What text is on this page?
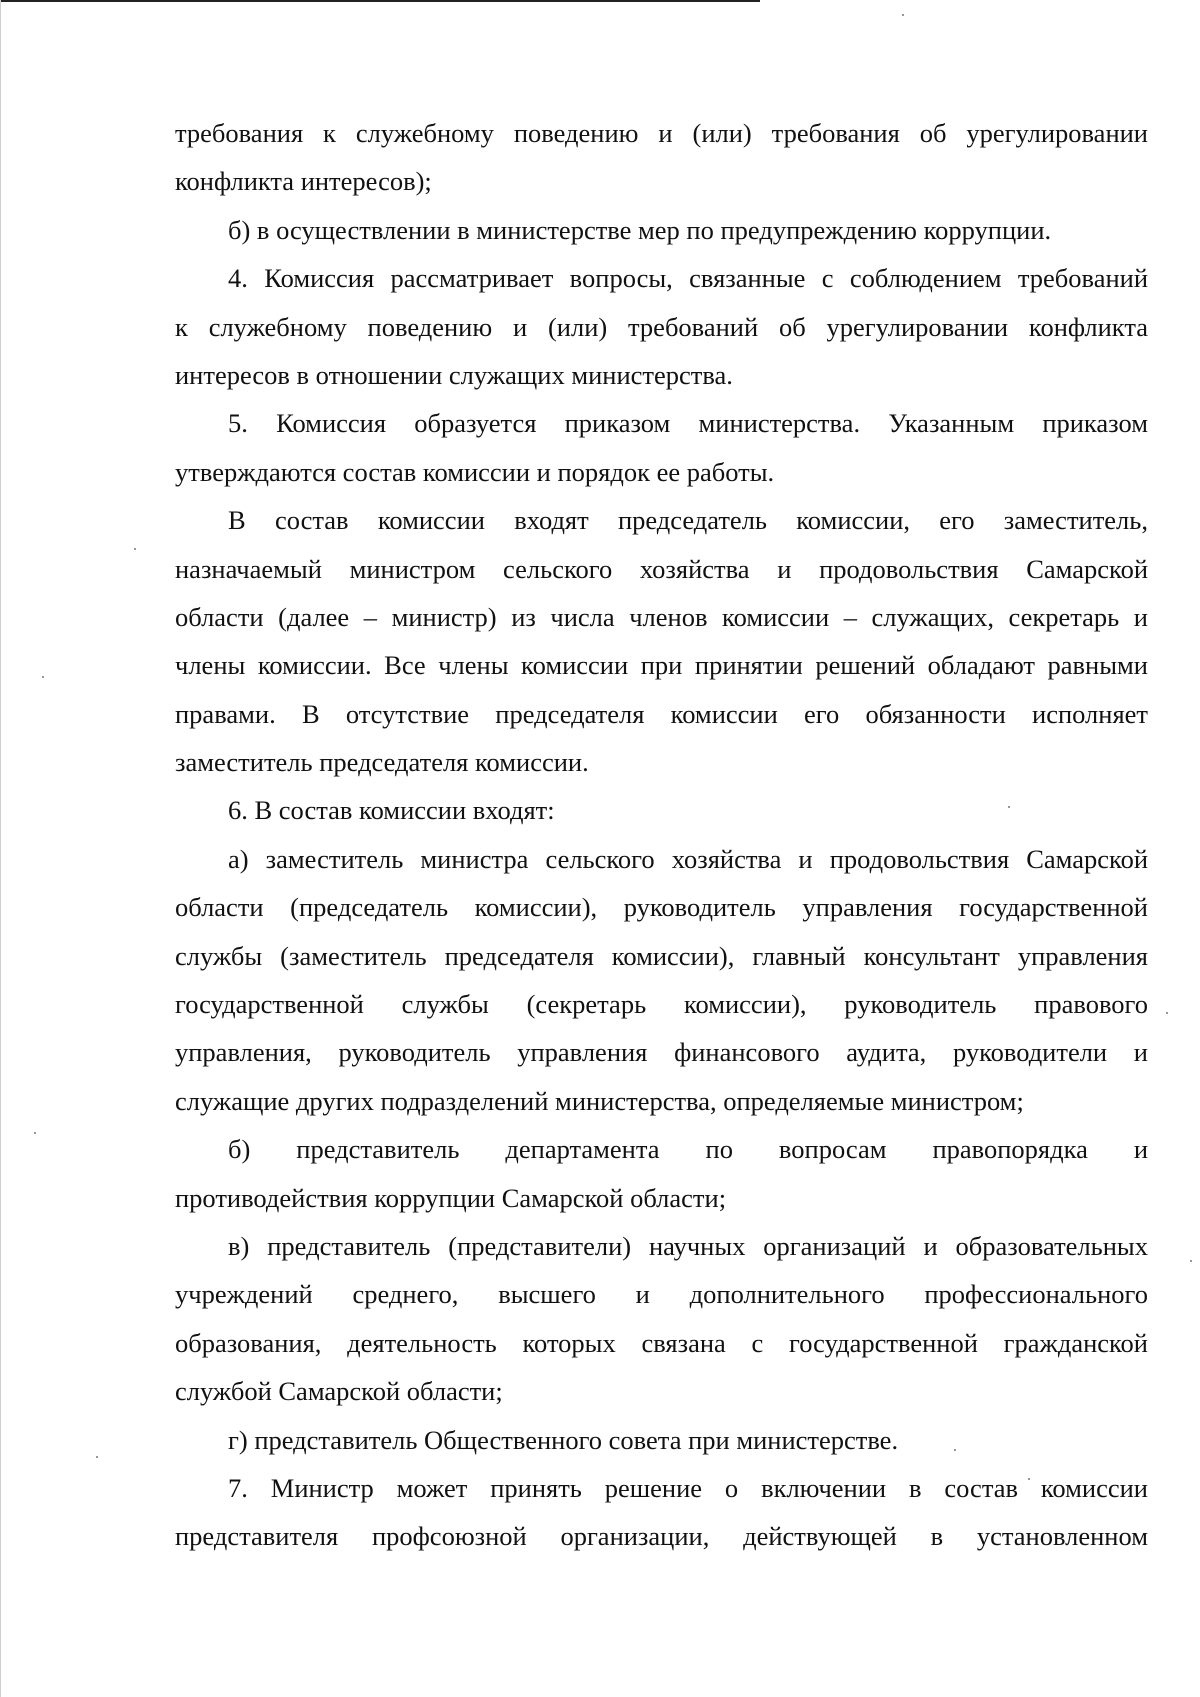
требования к служебному поведению и (или) требования об урегулировании
конфликта интересов);
б) в осуществлении в министерстве мер по предупреждению коррупции.
4. Комиссия рассматривает вопросы, связанные с соблюдением требований
к служебному поведению и (или) требований об урегулировании конфликта
интересов в отношении служащих министерства.
5. Комиссия образуется приказом министерства. Указанным приказом
утверждаются состав комиссии и порядок ее работы.
В состав комиссии входят председатель комиссии, его заместитель,
назначаемый министром сельского хозяйства и продовольствия Самарской
области (далее – министр) из числа членов комиссии – служащих, секретарь и
члены комиссии. Все члены комиссии при принятии решений обладают равными
правами. В отсутствие председателя комиссии его обязанности исполняет
заместитель председателя комиссии.
6. В состав комиссии входят:
а) заместитель министра сельского хозяйства и продовольствия Самарской
области (председатель комиссии), руководитель управления государственной
службы (заместитель председателя комиссии), главный консультант управления
государственной службы (секретарь комиссии), руководитель правового
управления, руководитель управления финансового аудита, руководители и
служащие других подразделений министерства, определяемые министром;
б) представитель департамента по вопросам правопорядка и
противодействия коррупции Самарской области;
в) представитель (представители) научных организаций и образовательных
учреждений среднего, высшего и дополнительного профессионального
образования, деятельность которых связана с государственной гражданской
службой Самарской области;
г) представитель Общественного совета при министерстве.
7. Министр может принять решение о включении в состав комиссии
представителя профсоюзной организации, действующей в установленном
